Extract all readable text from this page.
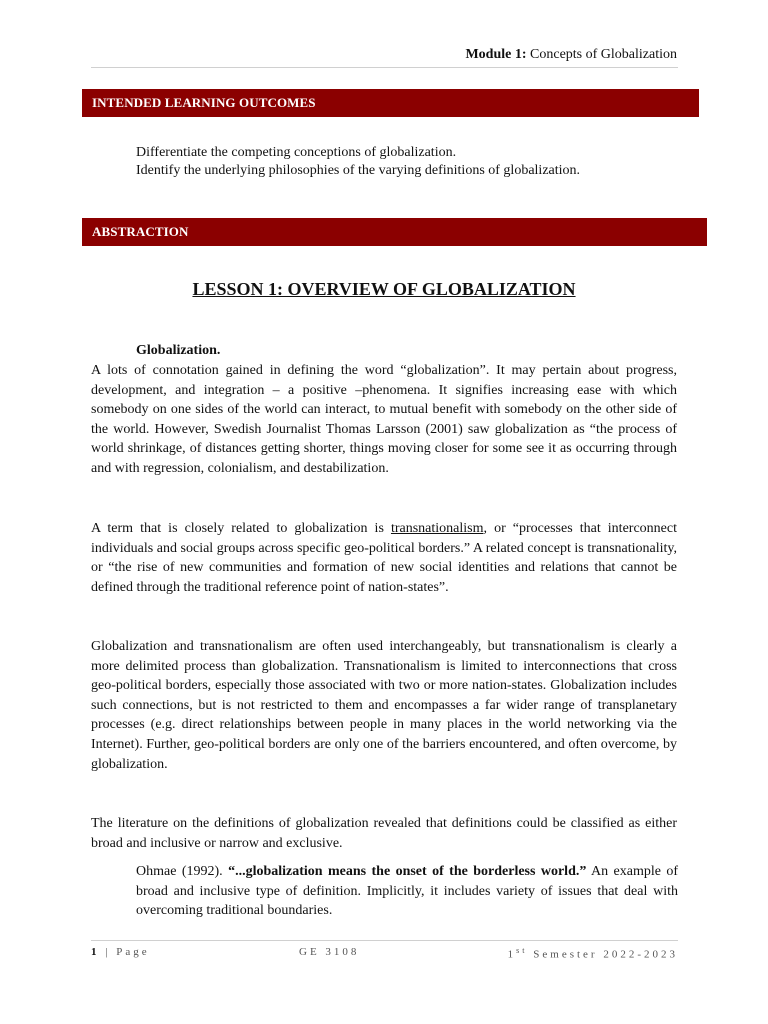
Module 1: Concepts of Globalization
INTENDED LEARNING OUTCOMES
Differentiate the competing conceptions of globalization.
Identify the underlying philosophies of the varying definitions of globalization.
ABSTRACTION
LESSON 1: OVERVIEW OF GLOBALIZATION
Globalization.
A lots of connotation gained in defining the word “globalization”. It may pertain about progress, development, and integration – a positive –phenomena. It signifies increasing ease with which somebody on one sides of the world can interact, to mutual benefit with somebody on the other side of the world. However, Swedish Journalist Thomas Larsson (2001) saw globalization as “the process of world shrinkage, of distances getting shorter, things moving closer for some see it as occurring through and with regression, colonialism, and destabilization.
A term that is closely related to globalization is transnationalism, or “processes that interconnect individuals and social groups across specific geo-political borders.” A related concept is transnationality, or “the rise of new communities and formation of new social identities and relations that cannot be defined through the traditional reference point of nation-states”.
Globalization and transnationalism are often used interchangeably, but transnationalism is clearly a more delimited process than globalization. Transnationalism is limited to interconnections that cross geo-political borders, especially those associated with two or more nation-states. Globalization includes such connections, but is not restricted to them and encompasses a far wider range of transplanetary processes (e.g. direct relationships between people in many places in the world networking via the Internet). Further, geo-political borders are only one of the barriers encountered, and often overcome, by globalization.
The literature on the definitions of globalization revealed that definitions could be classified as either broad and inclusive or narrow and exclusive.
Ohmae (1992). “...globalization means the onset of the borderless world.” An example of broad and inclusive type of definition. Implicitly, it includes variety of issues that deal with overcoming traditional boundaries.
1 | Page	GE 3108	1st Semester 2022-2023
